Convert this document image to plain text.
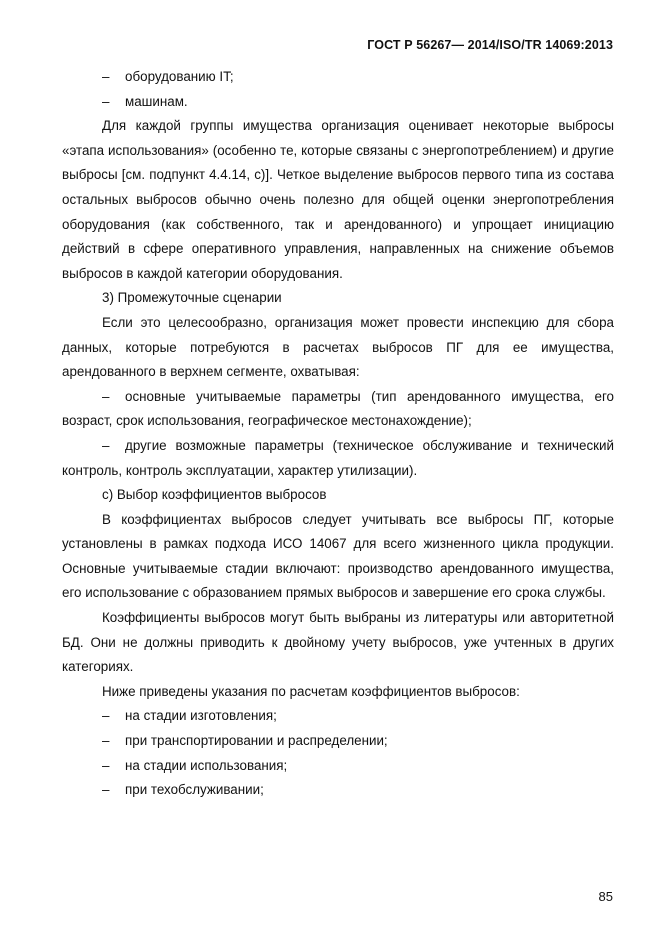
ГОСТ Р 56267— 2014/ISO/TR 14069:2013

– оборудованию IT;

– машинам.

Для каждой группы имущества организация оценивает некоторые выбросы «этапа использования» (особенно те, которые связаны с энергопотреблением) и другие выбросы [см. подпункт 4.4.14, с)]. Четкое выделение выбросов первого типа из состава остальных выбросов обычно очень полезно для общей оценки энергопотребления оборудования (как собственного, так и арендованного) и упрощает инициацию действий в сфере оперативного управления, направленных на снижение объемов выбросов в каждой категории оборудования.

3) Промежуточные сценарии

Если это целесообразно, организация может провести инспекцию для сбора данных, которые потребуются в расчетах выбросов ПГ для ее имущества, арендованного в верхнем сегменте, охватывая:

– основные учитываемые параметры (тип арендованного имущества, его возраст, срок использования, географическое местонахождение);

– другие возможные параметры (техническое обслуживание и технический контроль, контроль эксплуатации, характер утилизации).

с) Выбор коэффициентов выбросов

В коэффициентах выбросов следует учитывать все выбросы ПГ, которые установлены в рамках подхода ИСО 14067 для всего жизненного цикла продукции. Основные учитываемые стадии включают: производство арендованного имущества, его использование с образованием прямых выбросов и завершение его срока службы.

Коэффициенты выбросов могут быть выбраны из литературы или авторитетной БД. Они не должны приводить к двойному учету выбросов, уже учтенных в других категориях.

Ниже приведены указания по расчетам коэффициентов выбросов:

– на стадии изготовления;

– при транспортировании и распределении;

– на стадии использования;

– при техобслуживании;

85
